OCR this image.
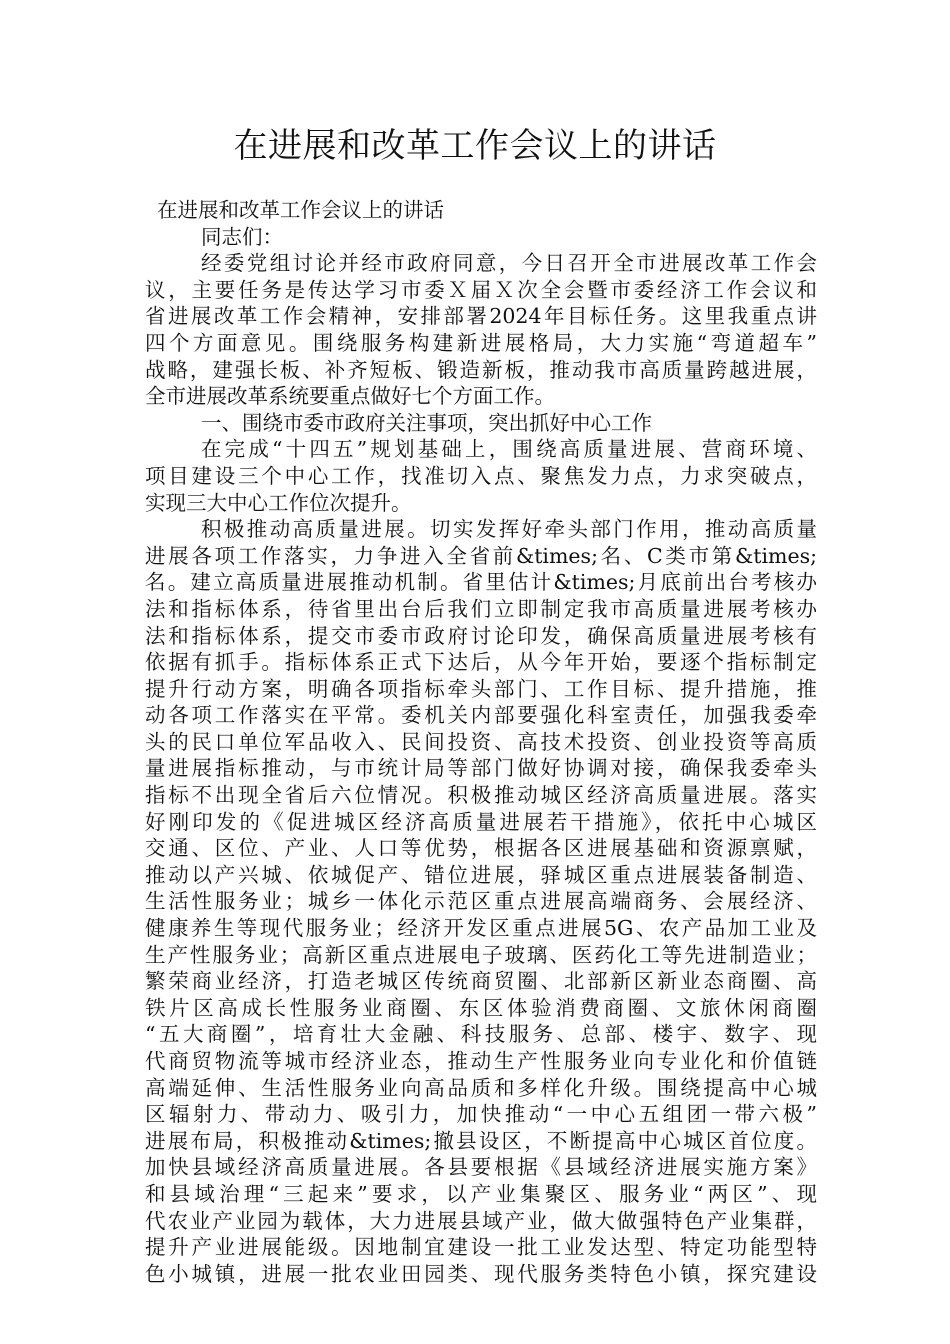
在进展和改革工作会议上的讲话
在进展和改革工作会议上的讲话
同志们：
经委党组讨论并经市政府同意，今日召开全市进展改革工作会
议，主要任务是传达学习市委Ｘ届Ｘ次全会暨市委经济工作会议和
省进展改革工作会精神，安排部署2024年目标任务。这里我重点讲
四个方面意见。围绕服务构建新进展格局，大力实施“弯道超车”
战略，建强长板、补齐短板、锻造新板，推动我市高质量跨越进展，
全市进展改革系统要重点做好七个方面工作。
一、围绕市委市政府关注事项，突出抓好中心工作
在完成“十四五”规划基础上，围绕高质量进展、营商环境、
项目建设三个中心工作，找准切入点、聚焦发力点，力求突破点，
实现三大中心工作位次提升。
积极推动高质量进展。切实发挥好牵头部门作用，推动高质量
进展各项工作落实，力争进入全省前&times;名、C类市第&times;
名。建立高质量进展推动机制。省里估计&times;月底前出台考核办
法和指标体系，待省里出台后我们立即制定我市高质量进展考核办
法和指标体系，提交市委市政府讨论印发，确保高质量进展考核有
依据有抓手。指标体系正式下达后，从今年开始，要逐个指标制定
提升行动方案，明确各项指标牵头部门、工作目标、提升措施，推
动各项工作落实在平常。委机关内部要强化科室责任，加强我委牵
头的民口单位军品收入、民间投资、高技术投资、创业投资等高质
量进展指标推动，与市统计局等部门做好协调对接，确保我委牵头
指标不出现全省后六位情况。积极推动城区经济高质量进展。落实
好刚印发的《促进城区经济高质量进展若干措施》，依托中心城区
交通、区位、产业、人口等优势，根据各区进展基础和资源禀赋，
推动以产兴城、依城促产、错位进展，驿城区重点进展装备制造、
生活性服务业；城乡一体化示范区重点进展高端商务、会展经济、
健康养生等现代服务业；经济开发区重点进展5G、农产品加工业及
生产性服务业；高新区重点进展电子玻璃、医药化工等先进制造业；
繁荣商业经济，打造老城区传统商贸圈、北部新区新业态商圈、高
铁片区高成长性服务业商圈、东区体验消费商圈、文旅休闲商圈
“五大商圈”，培育壮大金融、科技服务、总部、楼宇、数字、现
代商贸物流等城市经济业态，推动生产性服务业向专业化和价值链
高端延伸、生活性服务业向高品质和多样化升级。围绕提高中心城
区辐射力、带动力、吸引力，加快推动“一中心五组团一带六极”
进展布局，积极推动&times;撤县设区，不断提高中心城区首位度。
加快县域经济高质量进展。各县要根据《县域经济进展实施方案》
和县域治理“三起来”要求，以产业集聚区、服务业“两区”、现
代农业产业园为载体，大力进展县域产业，做大做强特色产业集群，
提升产业进展能级。因地制宜建设一批工业发达型、特定功能型特
色小城镇，进展一批农业田园类、现代服务类特色小镇，探究建设
